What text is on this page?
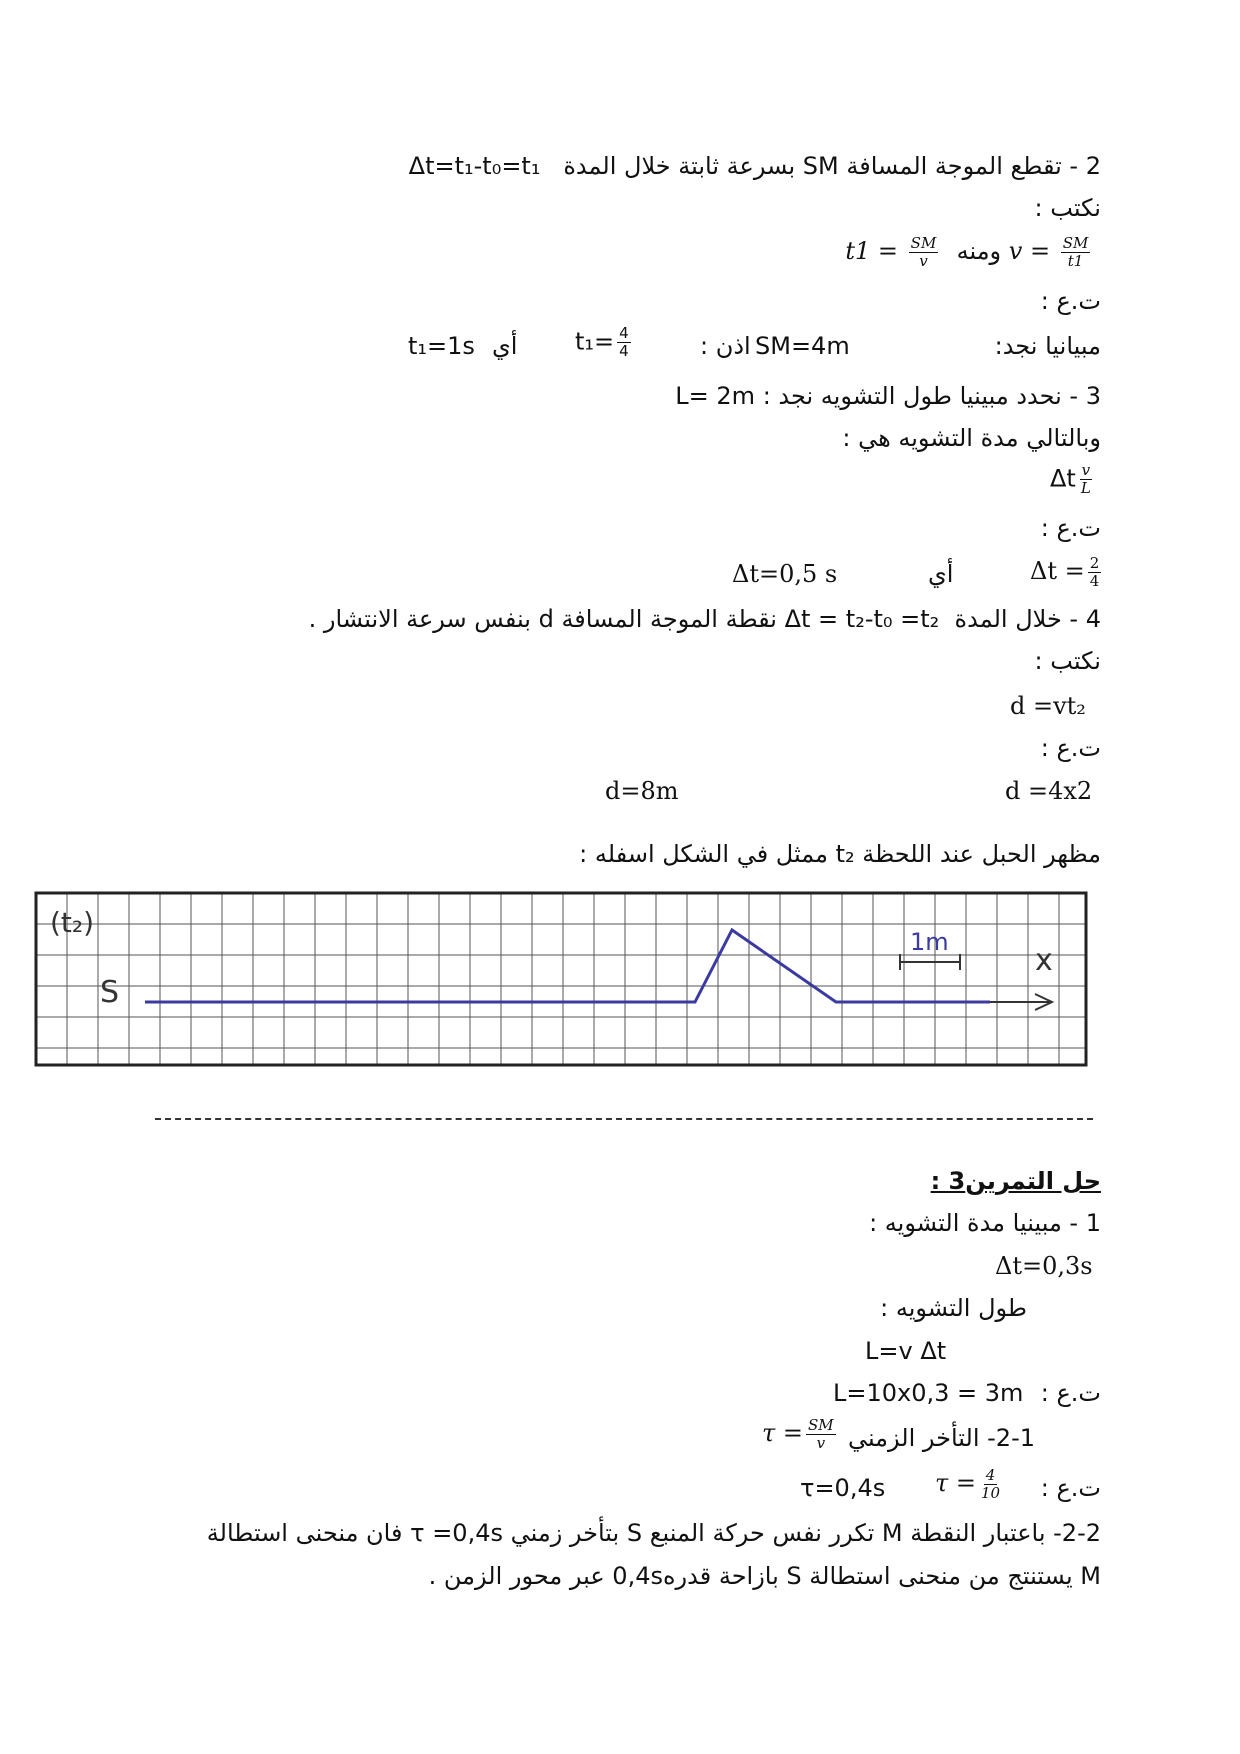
2 - تقطع الموجة المسافة SM بسرعة ثابتة خلال المدة   Δt=t₁-t₀=t₁
نكتب :
$v = \frac{SM}{t1}$
ومنه  $t1 = \frac{SM}{v}$
ت.ع :
مبيانيا نجد:
SM=4m
اذن :
$t_1= \frac{4}{4}$
أي
t₁=1s
3 - نحدد مبينيا طول التشويه نجد : L= 2m
وبالتالي مدة التشويه هي :
Δt $\frac{v}{L}$
ت.ع :
$\Delta t = \frac{2}{4}$
أي
Δt=0,5 s
4 - خلال المدة  Δt = t₂-t₀ =t₂ نقطة الموجة المسافة d بنفس سرعة الانتشار .
نكتب :
d =vt₂
ت.ع :
d =4x2
d=8m
مظهر الحبل عند اللحظة t₂ ممثل في الشكل اسفله :
(t₂)
S
1m
x
حل التمرين3 :
1 - مبينيا مدة التشويه :
Δt=0,3s
طول التشويه :
L=v Δt
ت.ع :
L=10x0,3 = 3m
2-1- التأخر الزمني
$\tau = \frac{SM}{v}$
ت.ع :
$\tau = \frac{4}{10}$
τ=0,4s
2-2- باعتبار النقطة M تكرر نفس حركة المنبع S بتأخر زمني τ =0,4s فان منحنى استطالة
M يستنتج من منحنى استطالة S بازاحة قدره0,4s عبر محور الزمن .
